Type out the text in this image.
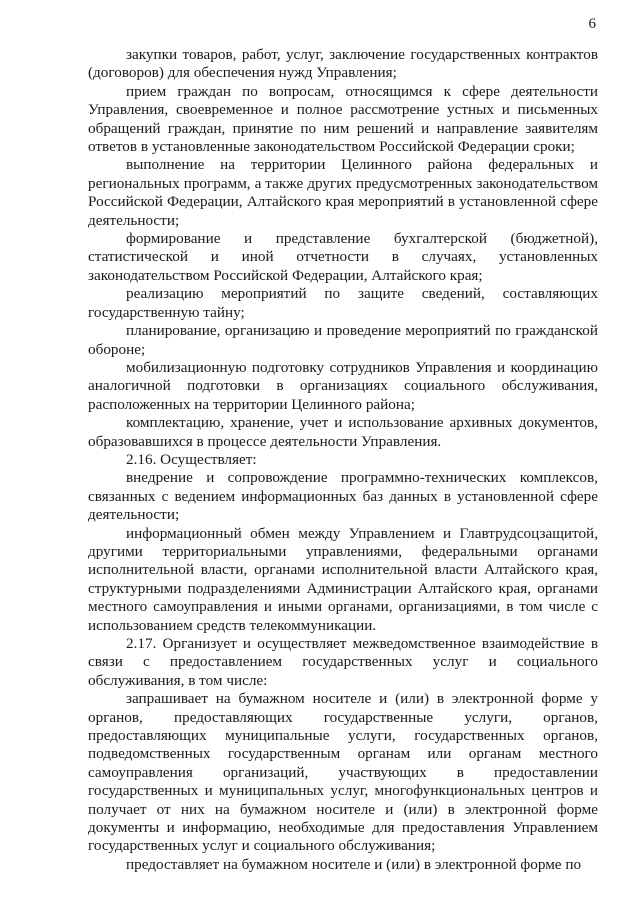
6

закупки товаров, работ, услуг, заключение государственных контрактов (договоров) для обеспечения нужд Управления;

прием граждан по вопросам, относящимся к сфере деятельности Управления, своевременное и полное рассмотрение устных и письменных обращений граждан, принятие по ним решений и направление заявителям ответов в установленные законодательством Российской Федерации сроки;

выполнение на территории Целинного района федеральных и региональных программ, а также других предусмотренных законодательством Российской Федерации, Алтайского края мероприятий в установленной сфере деятельности;

формирование и представление бухгалтерской (бюджетной), статистической и иной отчетности в случаях, установленных законодательством Российской Федерации, Алтайского края;

реализацию мероприятий по защите сведений, составляющих государственную тайну;

планирование, организацию и проведение мероприятий по гражданской обороне;

мобилизационную подготовку сотрудников Управления и координацию аналогичной подготовки в организациях социального обслуживания, расположенных на территории Целинного района;

комплектацию, хранение, учет и использование архивных документов, образовавшихся в процессе деятельности Управления.

2.16. Осуществляет:

внедрение и сопровождение программно-технических комплексов, связанных с ведением информационных баз данных в установленной сфере деятельности;

информационный обмен между Управлением и Главтрудсоцзащитой, другими территориальными управлениями, федеральными органами исполнительной власти, органами исполнительной власти Алтайского края, структурными подразделениями Администрации Алтайского края, органами местного самоуправления и иными органами, организациями, в том числе с использованием средств телекоммуникации.

2.17. Организует и осуществляет межведомственное взаимодействие в связи с предоставлением государственных услуг и социального обслуживания, в том числе:

запрашивает на бумажном носителе и (или) в электронной форме у органов, предоставляющих государственные услуги, органов, предоставляющих муниципальные услуги, государственных органов, подведомственных государственным органам или органам местного самоуправления организаций, участвующих в предоставлении государственных и муниципальных услуг, многофункциональных центров и получает от них на бумажном носителе и (или) в электронной форме документы и информацию, необходимые для предоставления Управлением государственных услуг и социального обслуживания;

предоставляет на бумажном носителе и (или) в электронной форме по
